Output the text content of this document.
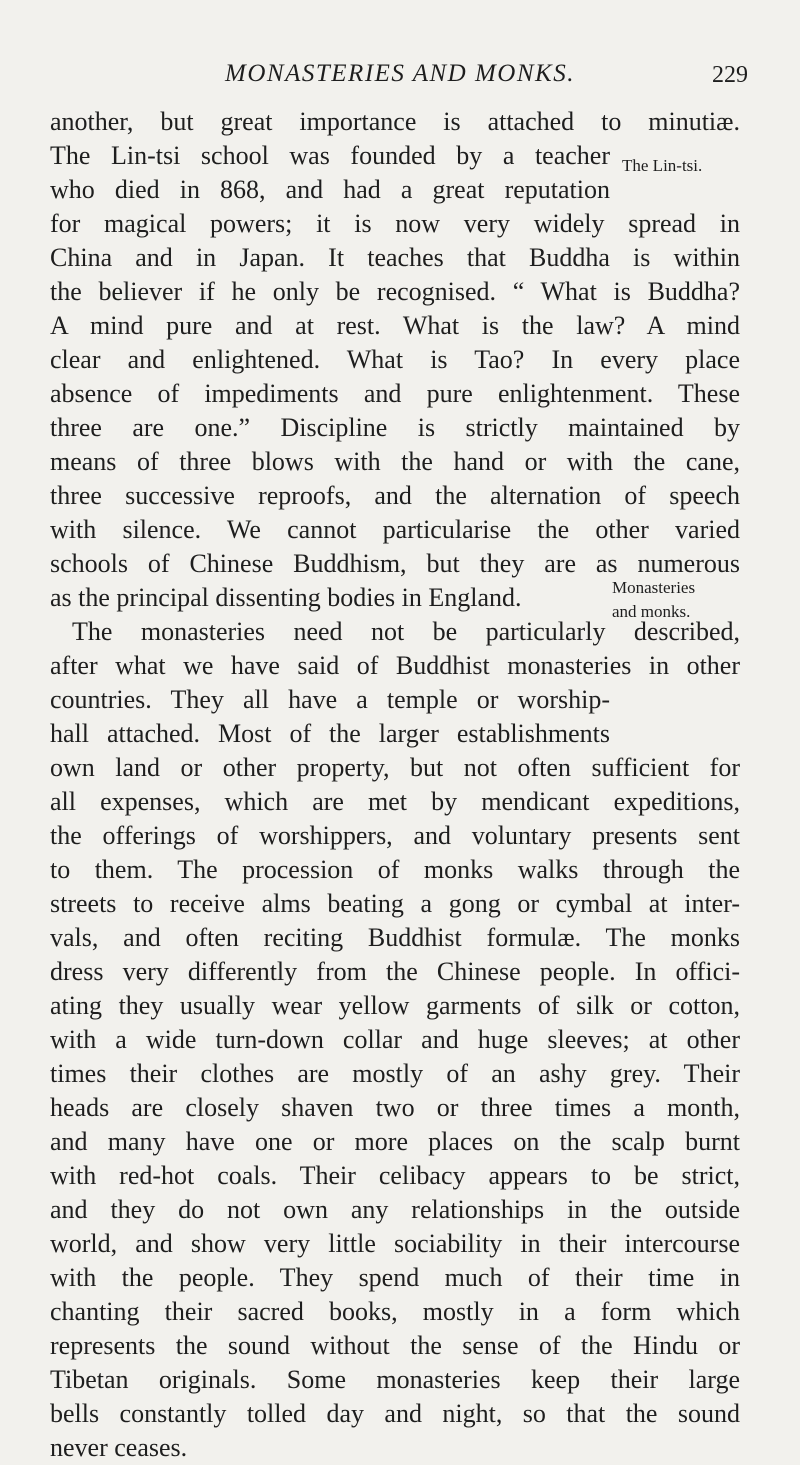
MONASTERIES AND MONKS.	229
The Lin-tsi.
Monasteries
and monks.
another, but great importance is attached to minutiæ.
The Lin-tsi school was founded by a teacher
who died in 868, and had a great reputation
for magical powers; it is now very widely spread in
China and in Japan. It teaches that Buddha is within
the believer if he only be recognised. “ What is Buddha?
A mind pure and at rest. What is the law? A mind
clear and enlightened. What is Tao? In every place
absence of impediments and pure enlightenment. These
three are one.” Discipline is strictly maintained by
means of three blows with the hand or with the cane,
three successive reproofs, and the alternation of speech
with silence. We cannot particularise the other varied
schools of Chinese Buddhism, but they are as numerous
as the principal dissenting bodies in England.
The monasteries need not be particularly described,
after what we have said of Buddhist monasteries in other
countries. They all have a temple or worship-
hall attached. Most of the larger establishments
own land or other property, but not often sufficient for
all expenses, which are met by mendicant expeditions,
the offerings of worshippers, and voluntary presents sent
to them. The procession of monks walks through the
streets to receive alms beating a gong or cymbal at inter-
vals, and often reciting Buddhist formulæ. The monks
dress very differently from the Chinese people. In offici-
ating they usually wear yellow garments of silk or cotton,
with a wide turn-down collar and huge sleeves; at other
times their clothes are mostly of an ashy grey. Their
heads are closely shaven two or three times a month,
and many have one or more places on the scalp burnt
with red-hot coals. Their celibacy appears to be strict,
and they do not own any relationships in the outside
world, and show very little sociability in their intercourse
with the people. They spend much of their time in
chanting their sacred books, mostly in a form which
represents the sound without the sense of the Hindu or
Tibetan originals. Some monasteries keep their large
bells constantly tolled day and night, so that the sound
never ceases.
